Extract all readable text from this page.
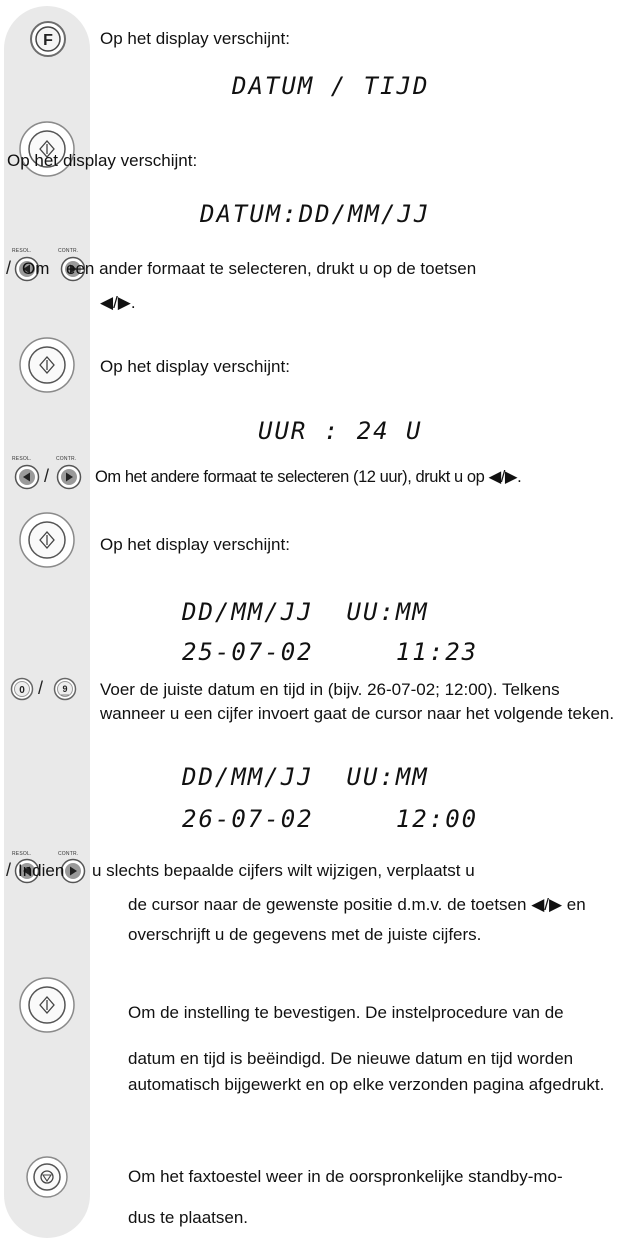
F	Op het display verschijnt:
DATUM / TIJD
Op het display verschijnt:
DATUM:DD/MM/JJ
RESOL.	CONTR.
/ Om een ander formaat te selecteren, drukt u op de toetsen
◀/▶.
Op het display verschijnt:
UUR : 24 U
RESOL.	CONTR.
/	Om het andere formaat te selecteren (12 uur), drukt u op ◀/▶.
Op het display verschijnt:
DD/MM/JJ  UU:MM
25-07-02     11:23
0 / 9 Voer de juiste datum en tijd in (bijv. 26-07-02; 12:00). Telkens wanneer u een cijfer invoert gaat de cursor naar het volgende teken.
DD/MM/JJ  UU:MM
26-07-02     12:00
RESOL.	CONTR.
/ Indien u slechts bepaalde cijfers wilt wijzigen, verplaatst u
de cursor naar de gewenste positie d.m.v. de toetsen ◀/▶ en overschrijft u de gegevens met de juiste cijfers.
Om de instelling te bevestigen. De instelprocedure van de
datum en tijd is beëindigd. De nieuwe datum en tijd worden automatisch bijgewerkt en op elke verzonden pagina afgedrukt.
Om het faxtoestel weer in de oorspronkelijke standby-mo-
dus te plaatsen.
